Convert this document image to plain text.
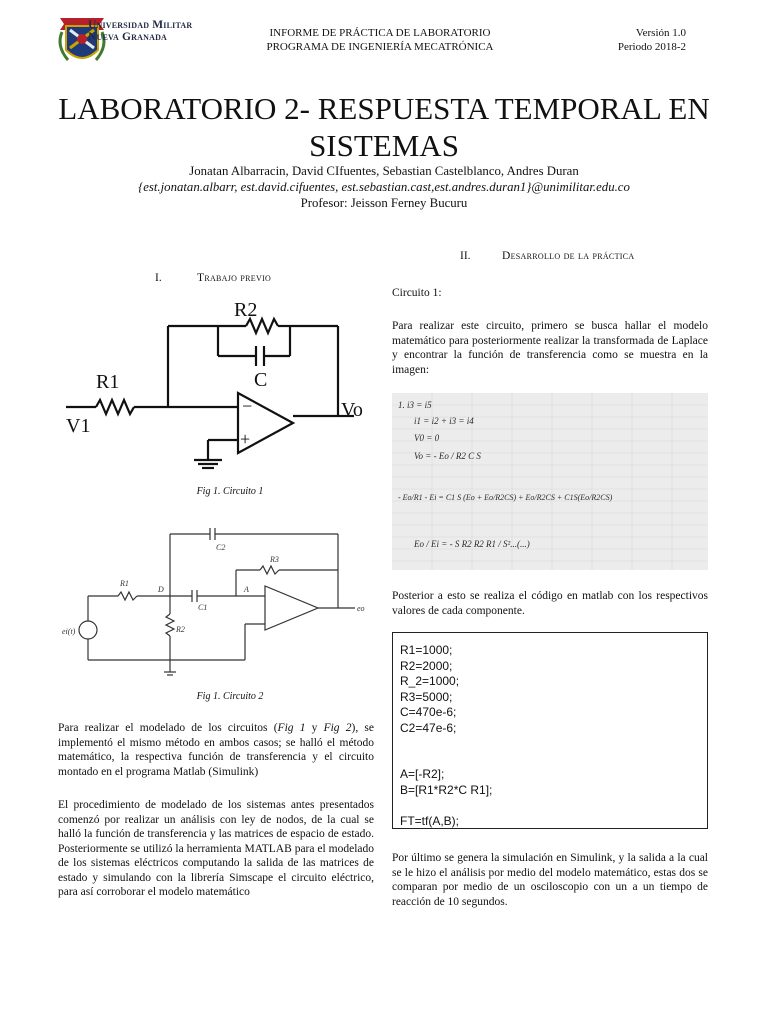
Universidad Militar
Nueva Granada	INFORME DE PRÁCTICA DE LABORATORIO
PROGRAMA DE INGENIERÍA MECATRÓNICA
Versión 1.0
Periodo 2018-2
LABORATORIO 2- RESPUESTA TEMPORAL EN
SISTEMAS
Jonatan Albarracin, David CIfuentes, Sebastian Castelblanco, Andres Duran
{est.jonatan.albarr, est.david.cifuentes, est.sebastian.cast,est.andres.duran1}@unimilitar.edu.co
Profesor: Jeisson Ferney Bucuru
I.	Trabajo previo
II.	Desarrollo de la práctica
−
+
R2
C
R1
V1
Vo
Fig 1. Circuito 1
R1
R2
R3
C1
C2
D	A
ei(t)
eo
Fig 1. Circuito 2
Para realizar el modelado de los circuitos (Fig 1 y Fig 2), se implementó el mismo método en ambos casos; se halló el método matemático, la respectiva función de transferencia y el circuito montado en el programa Matlab (Simulink)
El procedimiento de modelado de los sistemas antes presentados comenzó por realizar un análisis con ley de nodos, de la cual se halló la función de transferencia y las matrices de espacio de estado. Posteriormente se utilizó la herramienta MATLAB para el modelado de los sistemas eléctricos computando la salida de las matrices de estado y simulando con la librería Simscape el circuito eléctrico, para así corroborar el modelo matemático
Circuito 1:
Para realizar este circuito, primero se busca hallar el modelo matemático para posteriormente realizar la transformada de Laplace y encontrar la función de transferencia como se muestra en la imagen:
1. i3 = i5
i1 = i2 + i3 = i4
V0 = 0
Vo = - Eo / R2 C S
- Eo/R1 - Ei = C1 S (Eo + Eo/R2CS) + Eo/R2CS + C1S(Eo/R2CS)
Eo / Ei = - S R2 R2 R1 / S²...(...)
Posterior a esto se realiza el código en matlab con los respectivos valores de cada componente.
R1=1000;
R2=2000;
R_2=1000;
R3=5000;
C=470e-6;
C2=47e-6;

A=[-R2];
B=[R1*R2*C R1];

FT=tf(A,B);
Por último se genera la simulación en Simulink, y la salida a la cual se le hizo el análisis por medio del modelo matemático, estas dos se comparan por medio de un osciloscopio con un a un tiempo de reacción de 10 segundos.
